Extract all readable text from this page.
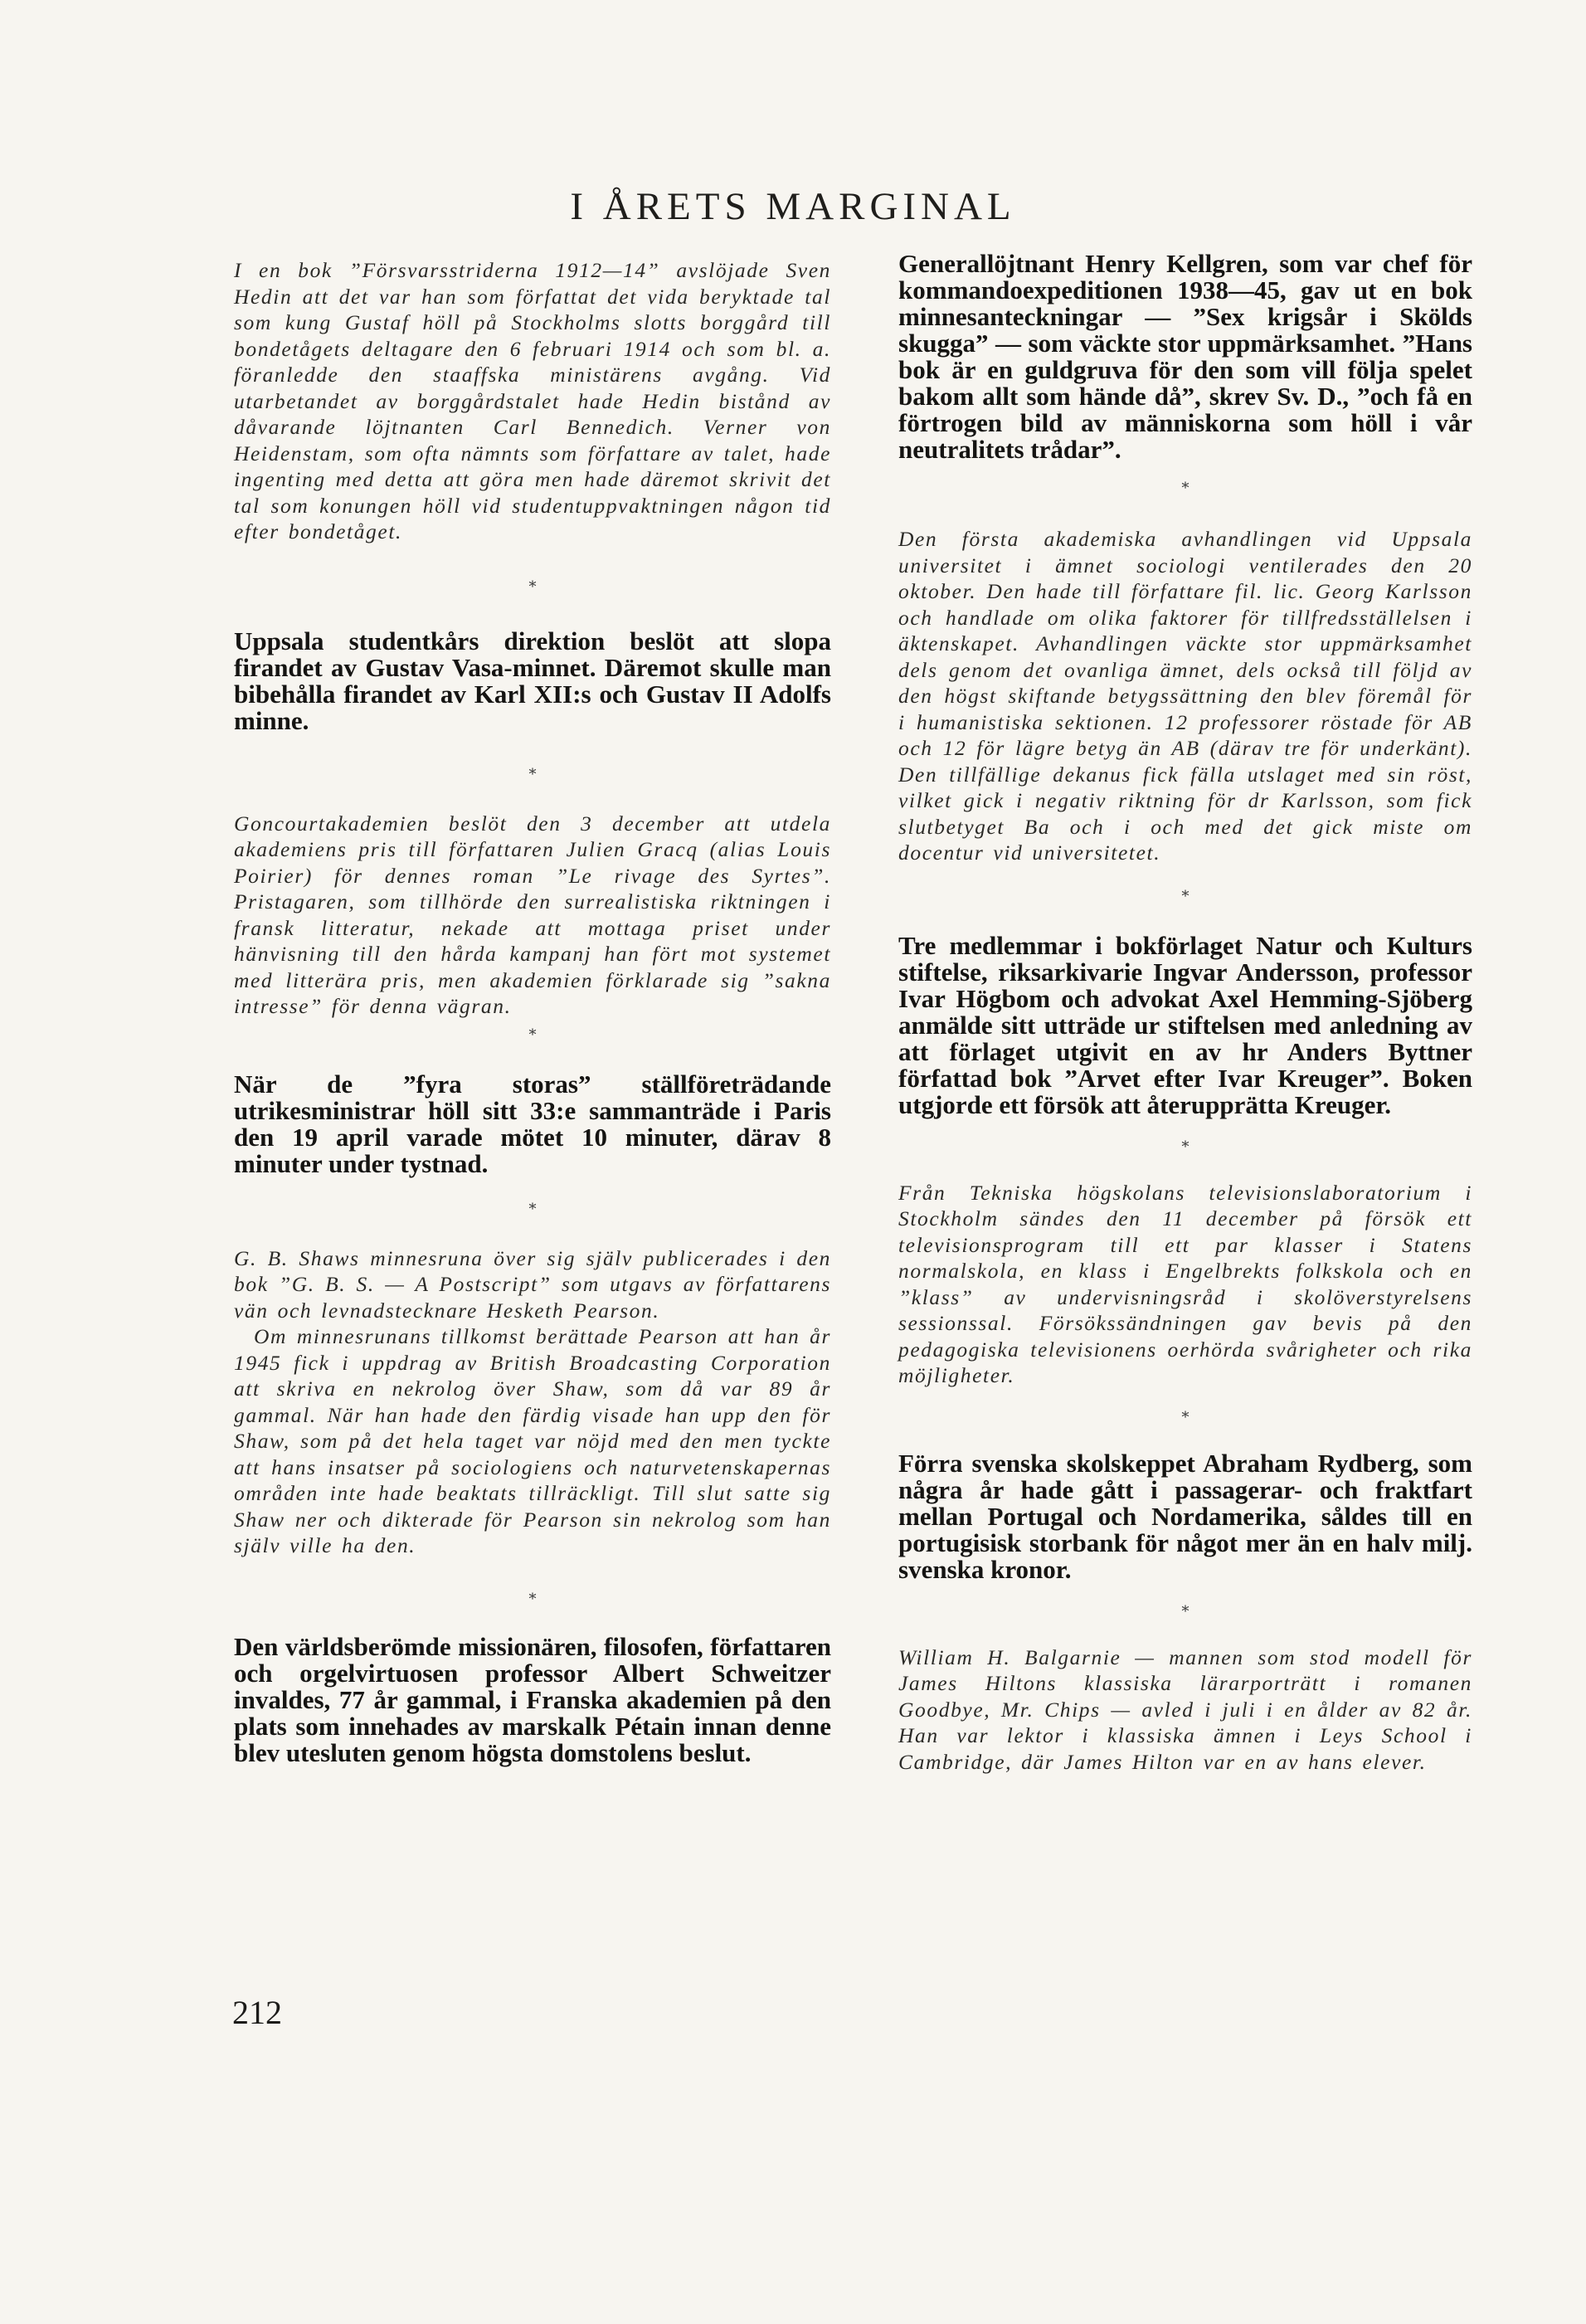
I ÅRETS MARGINAL

I en bok ”Försvarsstriderna 1912—14” avslöjade Sven Hedin att det var han som författat det vida beryktade tal som kung Gustaf höll på Stockholms slotts borggård till bondetågets deltagare den 6 februari 1914 och som bl. a. föranledde den staaffska ministärens avgång. Vid utarbetandet av borggårdstalet hade Hedin bistånd av dåvarande löjtnanten Carl Bennedich. Verner von Heidenstam, som ofta nämnts som författare av talet, hade ingenting med detta att göra men hade däremot skrivit det tal som konungen höll vid studentuppvaktningen någon tid efter bondetåget.

*

Uppsala studentkårs direktion beslöt att slopa firandet av Gustav Vasa-minnet. Däremot skulle man bibehålla firandet av Karl XII:s och Gustav II Adolfs minne.

*

Goncourtakademien beslöt den 3 december att utdela akademiens pris till författaren Julien Gracq (alias Louis Poirier) för dennes roman ”Le rivage des Syrtes”. Pristagaren, som tillhörde den surrealistiska riktningen i fransk litteratur, nekade att mottaga priset under hänvisning till den hårda kampanj han fört mot systemet med litterära pris, men akademien förklarade sig ”sakna intresse” för denna vägran.

*

När de ”fyra storas” ställföreträdande utrikesministrar höll sitt 33:e sammanträde i Paris den 19 april varade mötet 10 minuter, därav 8 minuter under tystnad.

*

G. B. Shaws minnesruna över sig själv publicerades i den bok ”G. B. S. — A Postscript” som utgavs av författarens vän och levnadstecknare Hesketh Pearson.

Om minnesrunans tillkomst berättade Pearson att han år 1945 fick i uppdrag av British Broadcasting Corporation att skriva en nekrolog över Shaw, som då var 89 år gammal. När han hade den färdig visade han upp den för Shaw, som på det hela taget var nöjd med den men tyckte att hans insatser på sociologiens och naturvetenskapernas områden inte hade beaktats tillräckligt. Till slut satte sig Shaw ner och dikterade för Pearson sin nekrolog som han själv ville ha den.

*

Den världsberömde missionären, filosofen, författaren och orgelvirtuosen professor Albert Schweitzer invaldes, 77 år gammal, i Franska akademien på den plats som innehades av marskalk Pétain innan denne blev utesluten genom högsta domstolens beslut.

Generallöjtnant Henry Kellgren, som var chef för kommandoexpeditionen 1938—45, gav ut en bok minnesanteckningar — ”Sex krigsår i Skölds skugga” — som väckte stor uppmärksamhet. ”Hans bok är en guldgruva för den som vill följa spelet bakom allt som hände då”, skrev Sv. D., ”och få en förtrogen bild av människorna som höll i vår neutralitets trådar”.

*

Den första akademiska avhandlingen vid Uppsala universitet i ämnet sociologi ventilerades den 20 oktober. Den hade till författare fil. lic. Georg Karlsson och handlade om olika faktorer för tillfredsställelsen i äktenskapet. Avhandlingen väckte stor uppmärksamhet dels genom det ovanliga ämnet, dels också till följd av den högst skiftande betygssättning den blev föremål för i humanistiska sektionen. 12 professorer röstade för AB och 12 för lägre betyg än AB (därav tre för underkänt). Den tillfällige dekanus fick fälla utslaget med sin röst, vilket gick i negativ riktning för dr Karlsson, som fick slutbetyget Ba och i och med det gick miste om docentur vid universitetet.

*

Tre medlemmar i bokförlaget Natur och Kulturs stiftelse, riksarkivarie Ingvar Andersson, professor Ivar Högbom och advokat Axel Hemming-Sjöberg anmälde sitt utträde ur stiftelsen med anledning av att förlaget utgivit en av hr Anders Byttner författad bok ”Arvet efter Ivar Kreuger”. Boken utgjorde ett försök att återupprätta Kreuger.

*

Från Tekniska högskolans televisionslaboratorium i Stockholm sändes den 11 december på försök ett televisionsprogram till ett par klasser i Statens normalskola, en klass i Engelbrekts folkskola och en ”klass” av undervisningsråd i skolöverstyrelsens sessionssal. Försökssändningen gav bevis på den pedagogiska televisionens oerhörda svårigheter och rika möjligheter.

*

Förra svenska skolskeppet Abraham Rydberg, som några år hade gått i passagerar- och fraktfart mellan Portugal och Nordamerika, såldes till en portugisisk storbank för något mer än en halv milj. svenska kronor.

*

William H. Balgarnie — mannen som stod modell för James Hiltons klassiska lärarporträtt i romanen Goodbye, Mr. Chips — avled i juli i en ålder av 82 år. Han var lektor i klassiska ämnen i Leys School i Cambridge, där James Hilton var en av hans elever.

212
